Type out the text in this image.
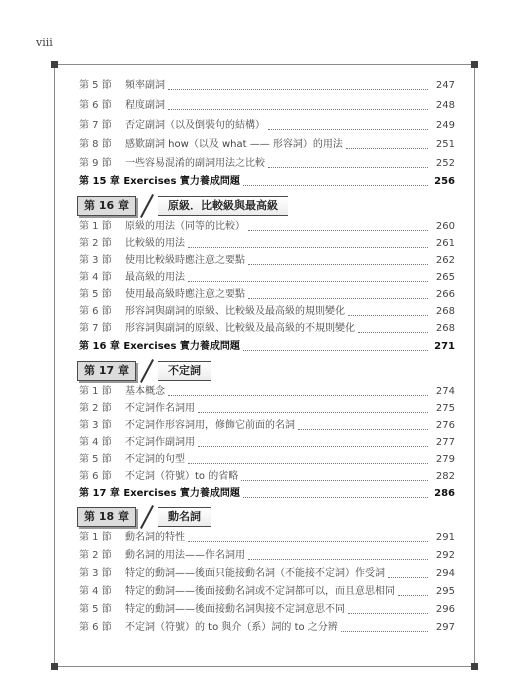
viii
第 5 節	頻率副詞	247
第 6 節	程度副詞	248
第 7 節	否定副詞（以及倒裝句的結構）	249
第 8 節	感歎副詞 how（以及 what —— 形容詞）的用法	251
第 9 節	一些容易混淆的副詞用法之比較	252
第 15 章 Exercises 實力養成問題	256
第 16 章	原級．比較級與最高級
第 1 節	原級的用法（同等的比較）	260
第 2 節	比較級的用法	261
第 3 節	使用比較級時應注意之要點	262
第 4 節	最高級的用法	265
第 5 節	使用最高級時應注意之要點	266
第 6 節	形容詞與副詞的原級、比較級及最高級的規則變化	268
第 7 節	形容詞與副詞的原級、比較級及最高級的不規則變化	268
第 16 章 Exercises 實力養成問題	271
第 17 章	不定詞
第 1 節	基本概念	274
第 2 節	不定詞作名詞用	275
第 3 節	不定詞作形容詞用，修飾它前面的名詞	276
第 4 節	不定詞作副詞用	277
第 5 節	不定詞的句型	279
第 6 節	不定詞（符號）to 的省略	282
第 17 章 Exercises 實力養成問題	286
第 18 章	動名詞
第 1 節	動名詞的特性	291
第 2 節	動名詞的用法——作名詞用	292
第 3 節	特定的動詞——後面只能接動名詞（不能接不定詞）作受詞	294
第 4 節	特定的動詞——後面接動名詞或不定詞都可以，而且意思相同	295
第 5 節	特定的動詞——後面接動名詞與接不定詞意思不同	296
第 6 節	不定詞（符號）的 to 與介（系）詞的 to 之分辨	297
